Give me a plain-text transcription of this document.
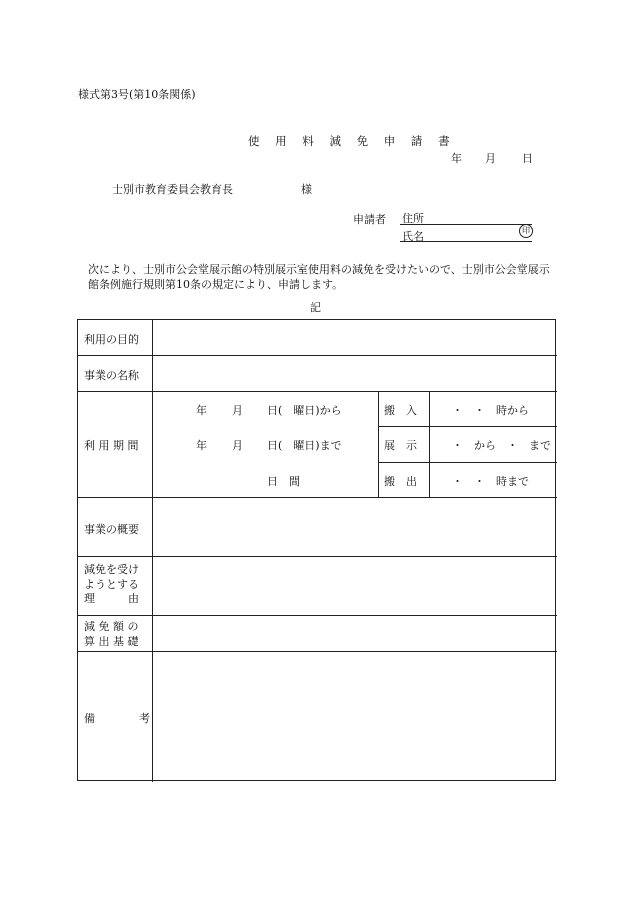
様式第3号(第10条関係)
使 用 料 減 免 申 請 書
年 月 日
士別市教育委員会教育長	様
申請者 住所
氏名	印
次により、士別市公会堂展示館の特別展示室使用料の減免を受けたいので、士別市公会堂展示館条例施行規則第10条の規定により、申請します。
記
利用の目的
事業の名称
利 用 期 間
年 月 日(　曜日)から
年 月 日(　曜日)まで
日　間
搬　入
展　示
搬　出
・　・　時から
・　から　・　まで
・　・　時まで
事業の概要
減免を受け
ようとする
理　　　由
減 免 額 の
算 出 基 礎
備　　　　考
